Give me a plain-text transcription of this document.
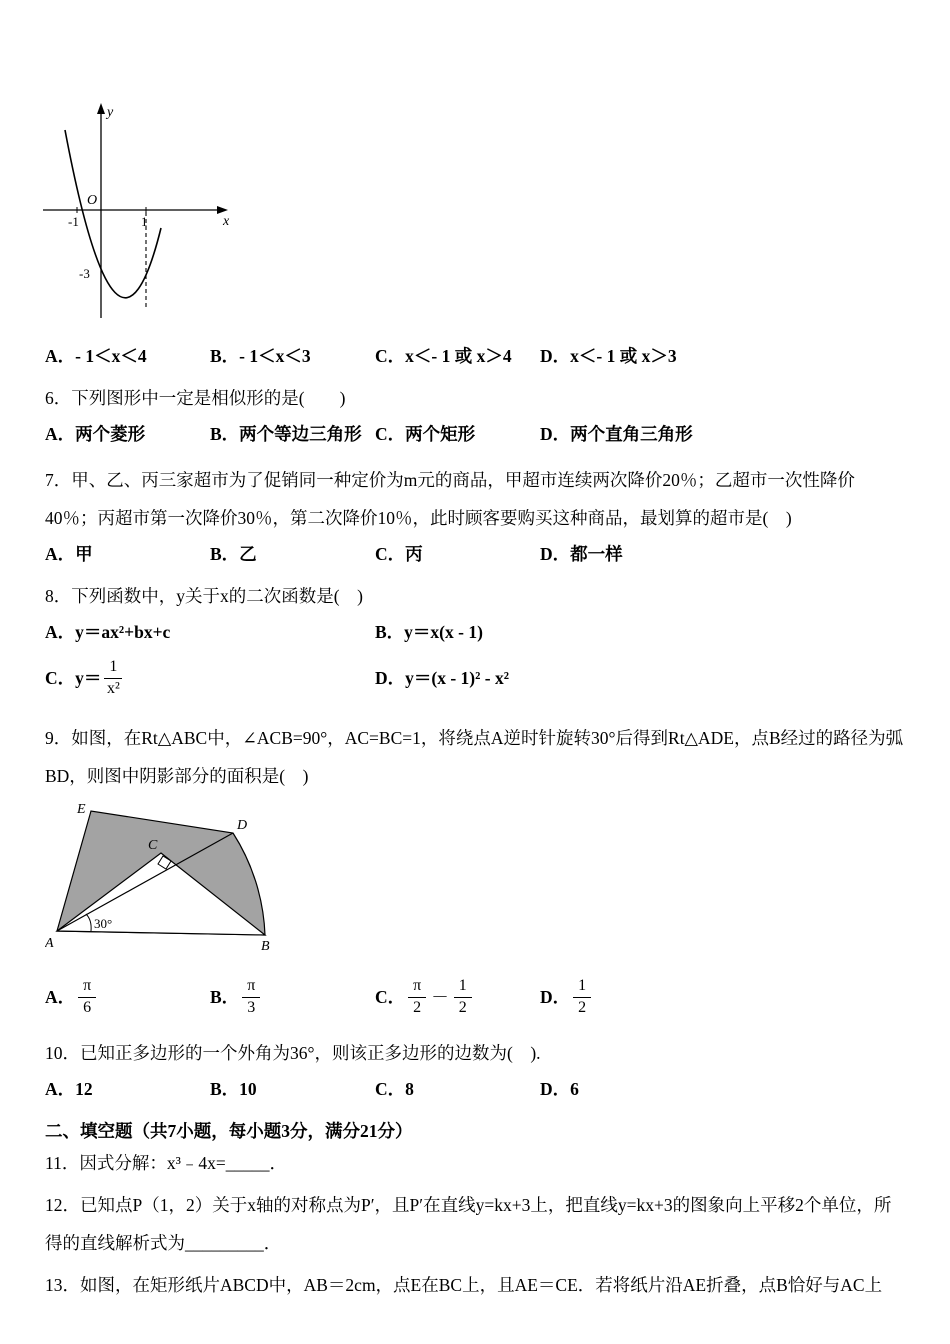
y
x
O
-1	1
-3
A．- 1＜x＜4	B．- 1＜x＜3	C．x＜- 1 或 x＞4	D．x＜- 1 或 x＞3

6．下列图形中一定是相似形的是(　　)

A．两个菱形	B．两个等边三角形 C．两个矩形	D．两个直角三角形

7．甲、乙、丙三家超市为了促销同一种定价为m元的商品，甲超市连续两次降价20％；乙超市一次性降价40％；丙超市第一次降价30％，第二次降价10％，此时顾客要购买这种商品，最划算的超市是(　)

A．甲	B．乙	C．丙	D．都一样

8．下列函数中，y关于x的二次函数是(　)

A．y＝ax²+bx+c	B．y＝x(x - 1)
C．$y= \frac{1}{\text{x²}}$	D．y＝(x - 1)² - x²

9．如图，在Rt△ABC中，∠ACB=90°，AC=BC=1，将绕点A逆时针旋转30°后得到Rt△ADE，点B经过的路径为弧BD，则图中阴影部分的面积是(　)

30°
E
D
C
A	B
A． $\frac{\pi}{6}$	B． $\frac{\pi}{3}$	C． $\frac{\pi}{2} - \frac{1}{2}$	D． $\frac{1}{2}$

10．已知正多边形的一个外角为36°，则该正多边形的边数为(　).

A．12	B．10	C．8	D．6

二、填空题（共7小题，每小题3分，满分21分）

11．因式分解：x³﹣4x=_____．

12．已知点P（1，2）关于x轴的对称点为P′，且P′在直线y=kx+3上，把直线y=kx+3的图象向上平移2个单位，所得的直线解析式为_________．

13．如图，在矩形纸片ABCD中，AB＝2cm，点E在BC上，且AE＝CE．若将纸片沿AE折叠，点B恰好与AC上
